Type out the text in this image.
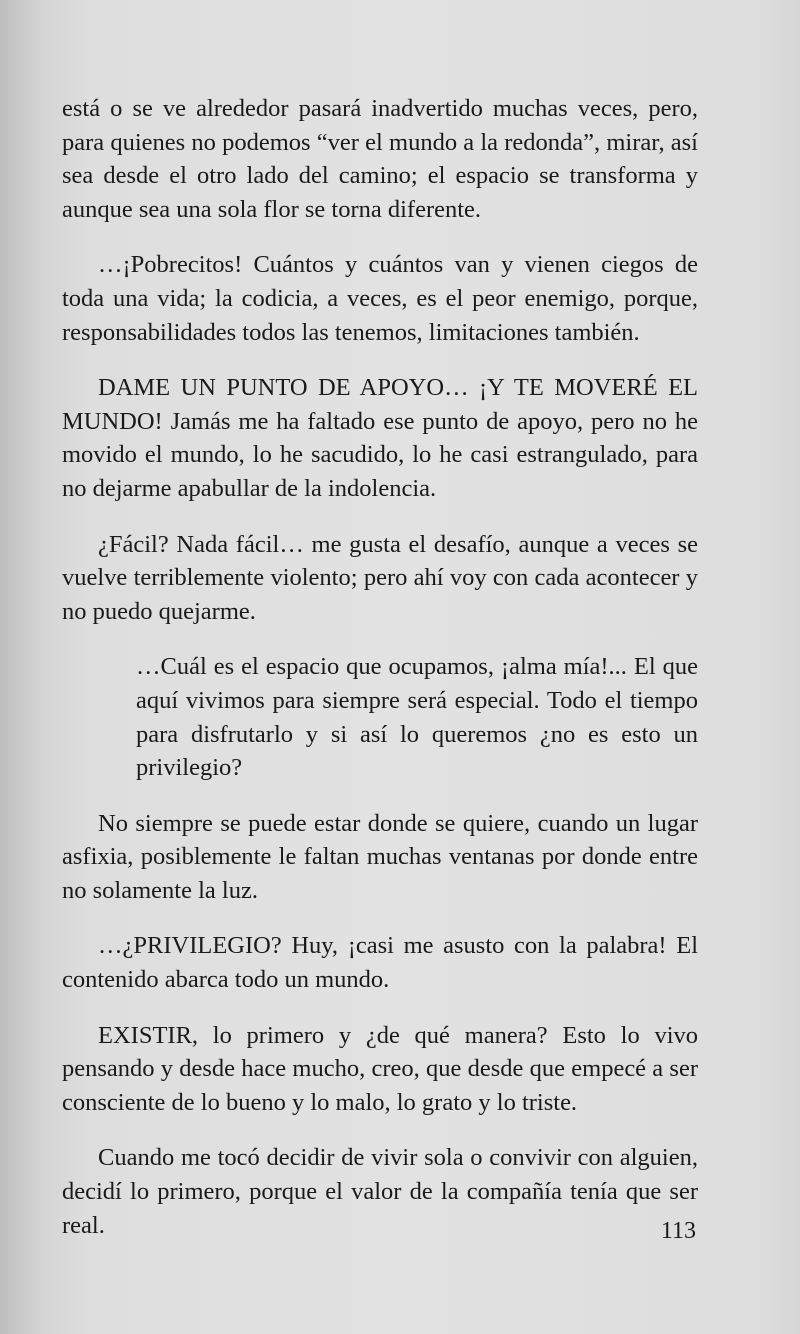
está o se ve alrededor pasará inadvertido muchas veces, pero, para quienes no podemos “ver el mundo a la redonda”, mirar, así sea desde el otro lado del camino; el espacio se transforma y aunque sea una sola flor se torna diferente.

…¡Pobrecitos! Cuántos y cuántos van y vienen ciegos de toda una vida; la codicia, a veces, es el peor enemigo, porque, responsabilidades todos las tenemos, limitaciones también.

DAME UN PUNTO DE APOYO… ¡Y TE MOVERÉ EL MUNDO! Jamás me ha faltado ese punto de apoyo, pero no he movido el mundo, lo he sacudido, lo he casi estrangulado, para no dejarme apabullar de la indolencia.

¿Fácil? Nada fácil… me gusta el desafío, aunque a veces se vuelve terriblemente violento; pero ahí voy con cada acontecer y no puedo quejarme.

…Cuál es el espacio que ocupamos, ¡alma mía!... El que aquí vivimos para siempre será especial. Todo el tiempo para disfrutarlo y si así lo queremos ¿no es esto un privilegio?

No siempre se puede estar donde se quiere, cuando un lugar asfixia, posiblemente le faltan muchas ventanas por donde entre no solamente la luz.

…¿PRIVILEGIO? Huy, ¡casi me asusto con la palabra! El contenido abarca todo un mundo.

EXISTIR, lo primero y ¿de qué manera? Esto lo vivo pensando y desde hace mucho, creo, que desde que empecé a ser consciente de lo bueno y lo malo, lo grato y lo triste.

Cuando me tocó decidir de vivir sola o convivir con alguien, decidí lo primero, porque el valor de la compañía tenía que ser real.	113
